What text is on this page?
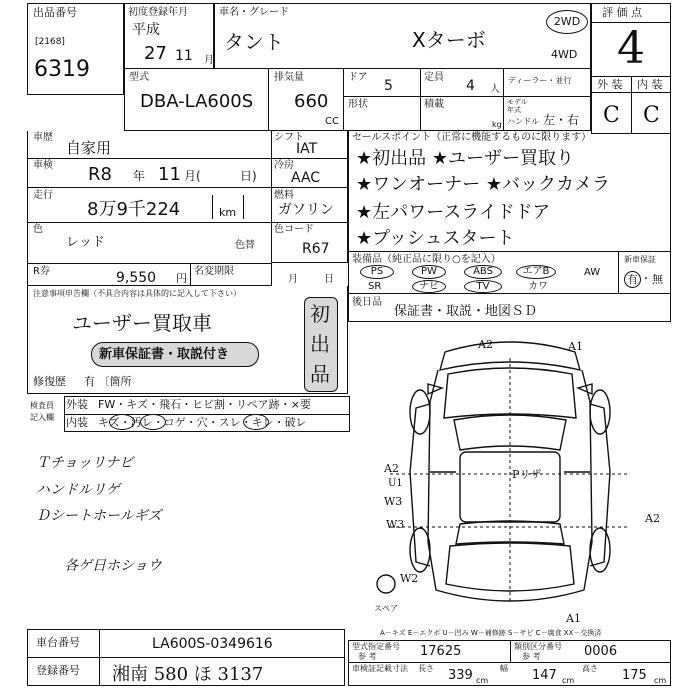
出品番号
[2168]
6319
初度登録年月
平成
27 11 月
車名・グレード
タント	Xターボ
2WD
4WD
評 価 点
4
外 装 内 装
C C
型式
DBA-LA600S
排気量
660
CC
ドア
5
定員
4 人
ディーラー・並行
モデル
年式
形状	積載
kg ハンドル 左・右
車歴
自家用
車検 R8 年 11 月(	日)
走行
8万9千224	km
色
レッド	色替
R券	9,550 円
名変期限
月	日
シフト
IAT
冷房
AAC
燃料
ガソリン
色コード
R67
セールスポイント（正常に機能するものに限ります）
★初出品 ★ユーザー買取り
★ワンオーナー ★バックカメラ
★左パワースライドドア
★プッシュスタート
装備品（純正品に限り○を記入）
PS	PW	ABS	エアB	AW
SR	ナビ	TV	カワ
新車保証
有 ・ 無
注意事項申告欄（不具合内容は具体的に記入して下さい）
ユーザー買取車
新車保証書・取説付き
初
出
品
修復歴 有 〔箇所
後日品
保証書・取説・地図ＳＤ
検査員
記入欄
外装 FW・キズ・飛石・ヒビ割・リペア跡・×要
内装 キズ・汚レ・コゲ・穴・スレ・キレ・破レ
Ｔチョッリナビ
ハンドルリゲ
Ｄシートホールギズ
各ゲ日ホショウ
A2	A1
A2
U1
W3
W3
Pリザ
A2
W2
A1
スペア
A－キズ E－エクボ U－凹み W－補修跡 S－サビ C－腐食 XX－交換済
車台番号	LA600S-0349616
登録番号 湘南 580 ほ 3137
型式指定番号
参 考	17625	類別区分番号
参 考	0006
車検証記載寸法 長さ 339 cm
幅 147 cm
高さ 175 cm
